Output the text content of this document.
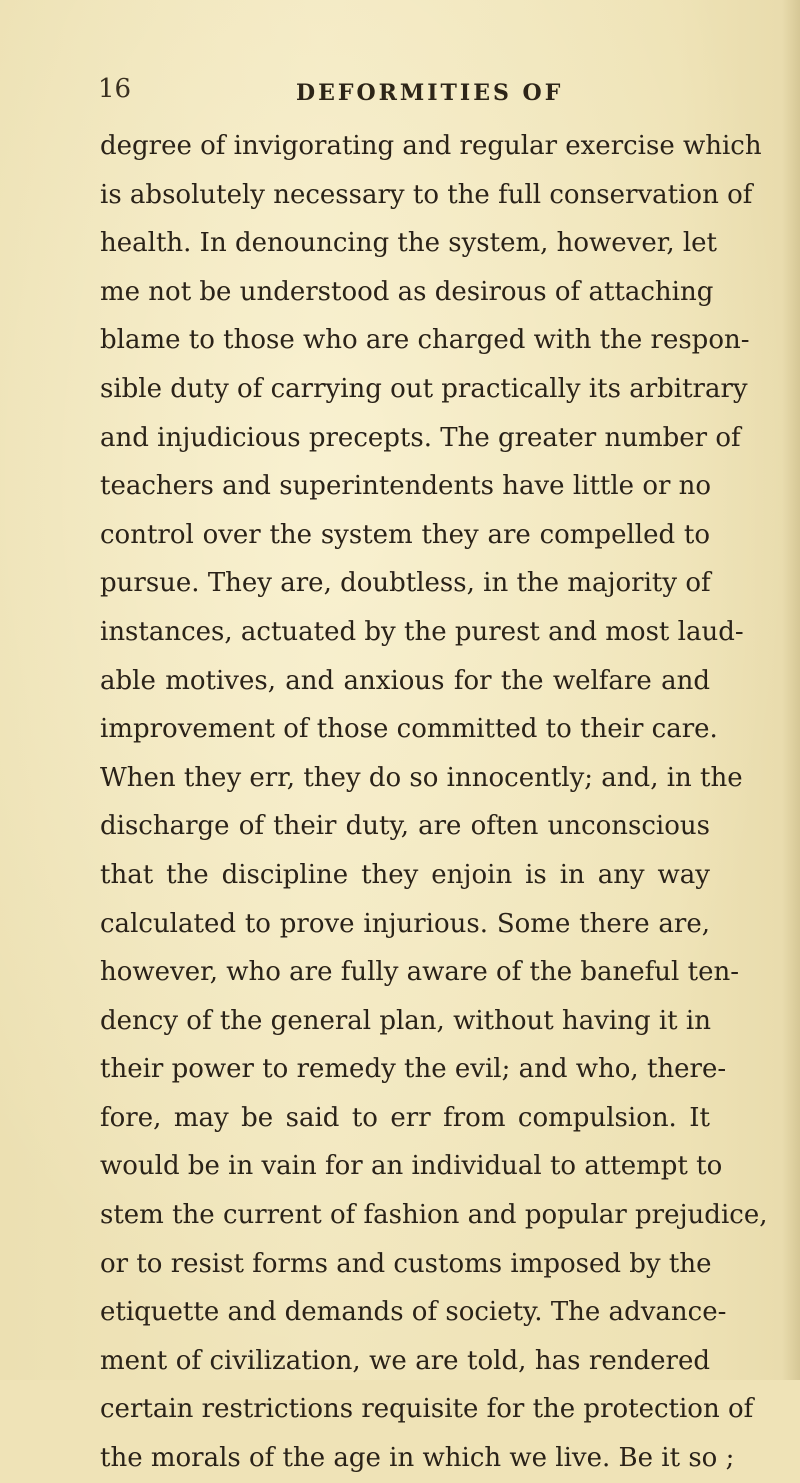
16	DEFORMITIES OF
degree of invigorating and regular exercise which
is absolutely necessary to the full conservation of
health. In denouncing the system, however, let
me not be understood as desirous of attaching
blame to those who are charged with the respon-
sible duty of carrying out practically its arbitrary
and injudicious precepts. The greater number of
teachers and superintendents have little or no
control over the system they are compelled to
pursue. They are, doubtless, in the majority of
instances, actuated by the purest and most laud-
able motives, and anxious for the welfare and
improvement of those committed to their care.
When they err, they do so innocently; and, in the
discharge of their duty, are often unconscious
that the discipline they enjoin is in any way
calculated to prove injurious. Some there are,
however, who are fully aware of the baneful ten-
dency of the general plan, without having it in
their power to remedy the evil; and who, there-
fore, may be said to err from compulsion. It
would be in vain for an individual to attempt to
stem the current of fashion and popular prejudice,
or to resist forms and customs imposed by the
etiquette and demands of society. The advance-
ment of civilization, we are told, has rendered
certain restrictions requisite for the protection of
the morals of the age in which we live. Be it so ;
